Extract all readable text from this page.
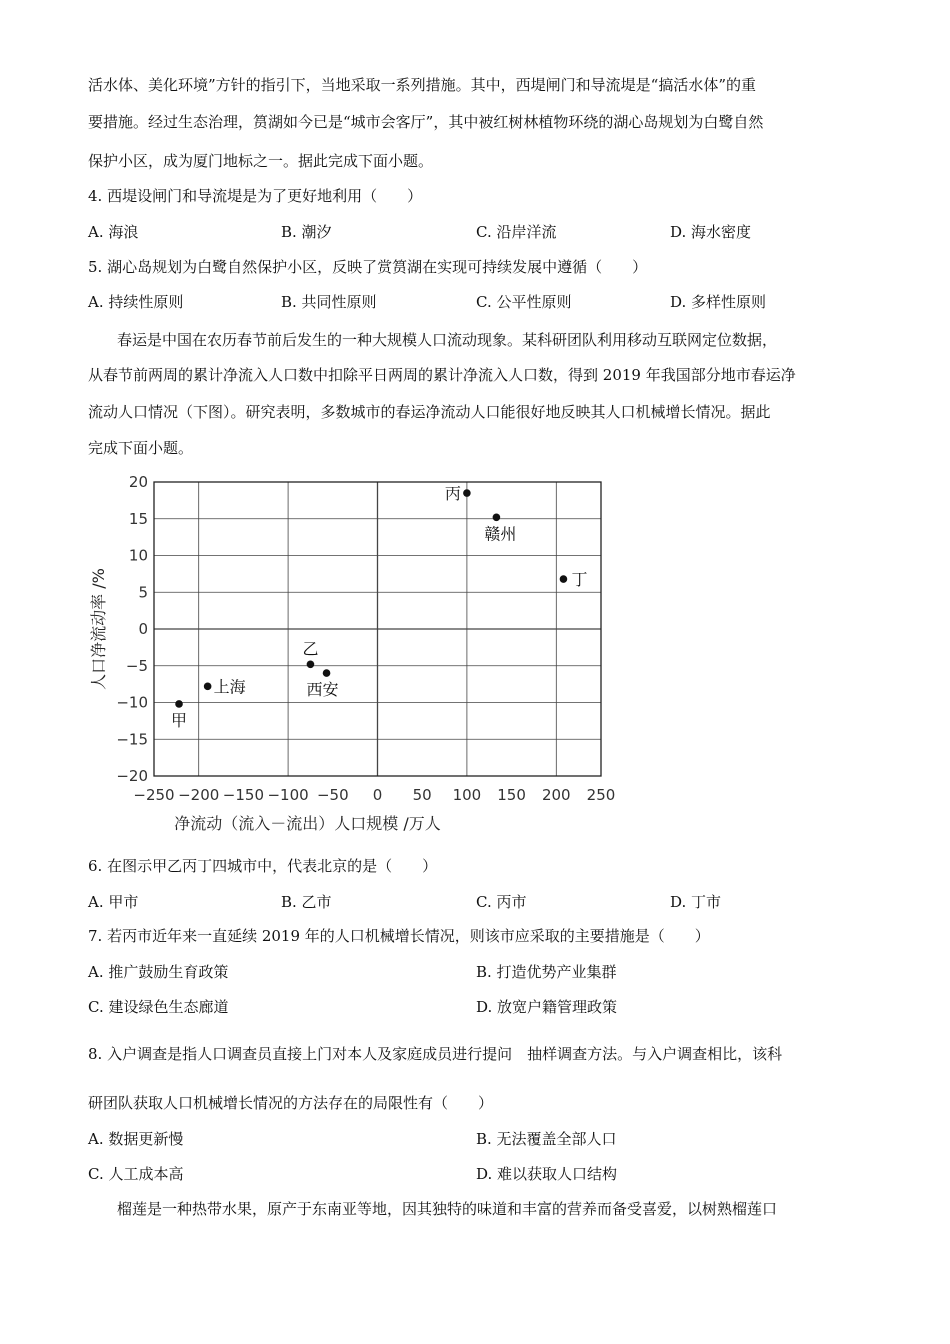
活水体、美化环境”方针的指引下，当地采取一系列措施。其中，西堤闸门和导流堤是“搞活水体”的重
要措施。经过生态治理，筼湖如今已是“城市会客厅”，其中被红树林植物环绕的湖心岛规划为白鹭自然
保护小区，成为厦门地标之一。据此完成下面小题。
4. 西堤设闸门和导流堤是为了更好地利用（　　）
A. 海浪	B. 潮汐	C. 沿岸洋流	D. 海水密度
5. 湖心岛规划为白鹭自然保护小区，反映了赏筼湖在实现可持续发展中遵循（　　）
A. 持续性原则	B. 共同性原则	C. 公平性原则	D. 多样性原则
春运是中国在农历春节前后发生的一种大规模人口流动现象。某科研团队利用移动互联网定位数据，
从春节前两周的累计净流入人口数中扣除平日两周的累计净流入人口数，得到 2019 年我国部分地市春运净
流动人口情况（下图）。研究表明，多数城市的春运净流动人口能很好地反映其人口机械增长情况。据此
完成下面小题。
−250 −200 −150 −100 −50 0 50 100 150 200 250
20
15
10
5
0
−5
−10
−15
−20
净流动（流入－流出）人口规模 /万人
人口净流动率 /%
丙
赣州
丁
乙
西安
上海
甲
6. 在图示甲乙丙丁四城市中，代表北京的是（　　）
A. 甲市	B. 乙市	C. 丙市	D. 丁市
7. 若丙市近年来一直延续 2019 年的人口机械增长情况，则该市应采取的主要措施是（　　）
A. 推广鼓励生育政策	B. 打造优势产业集群
C. 建设绿色生态廊道	D. 放宽户籍管理政策
8. 入户调查是指人口调查员直接上门对本人及家庭成员进行提问　抽样调查方法。与入户调查相比，该科
研团队获取人口机械增长情况的方法存在的局限性有（　　）
A. 数据更新慢	B. 无法覆盖全部人口
C. 人工成本高	D. 难以获取人口结构
榴莲是一种热带水果，原产于东南亚等地，因其独特的味道和丰富的营养而备受喜爱，以树熟榴莲口
